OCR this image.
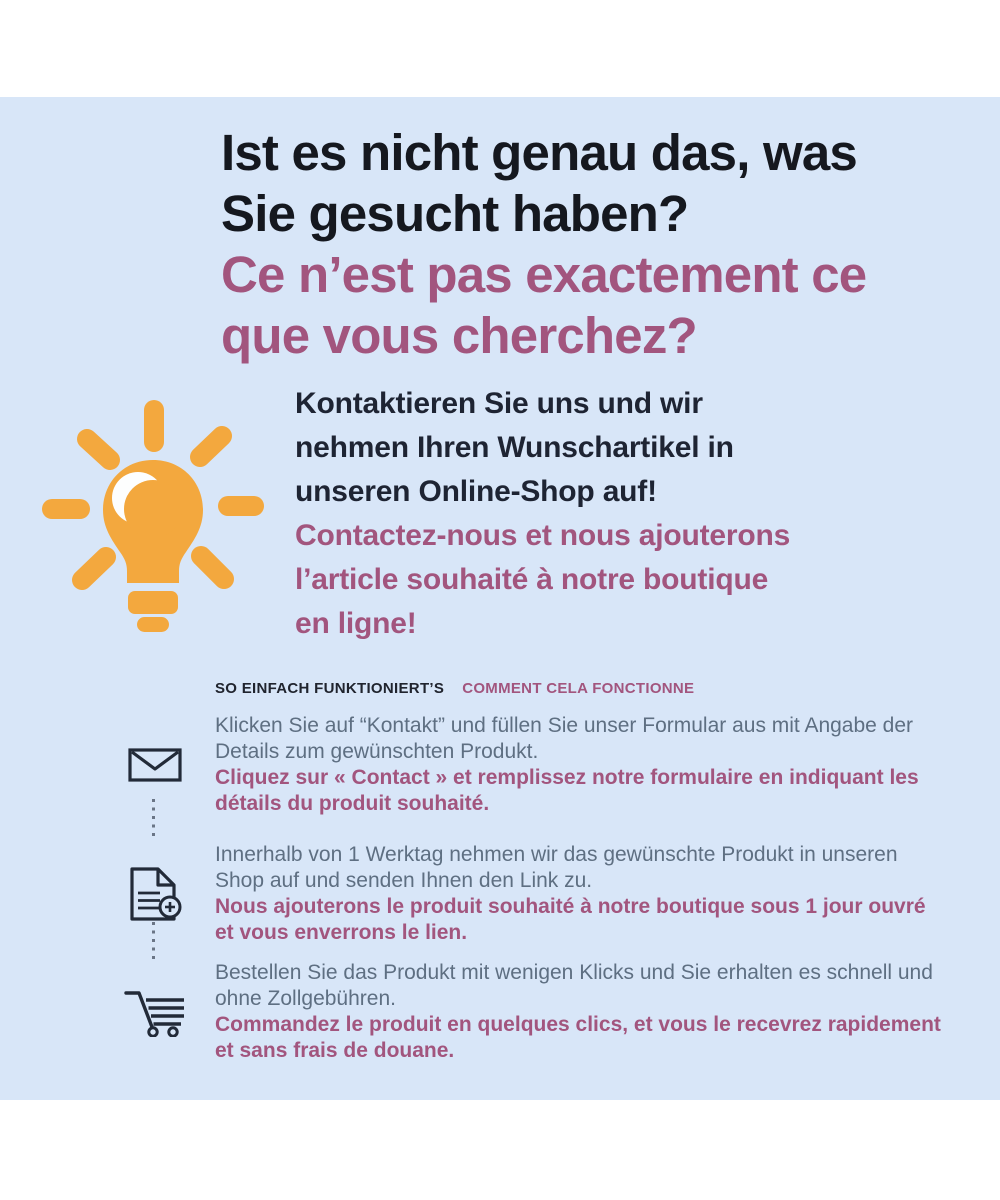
Ist es nicht genau das, was
Sie gesucht haben?
Ce n’est pas exactement ce
que vous cherchez?
Kontaktieren Sie uns und wir
nehmen Ihren Wunschartikel in
unseren Online-Shop auf!
Contactez-nous et nous ajouterons
l’article souhaité à notre boutique
en ligne!
SO EINFACH FUNKTIONIERT’S COMMENT CELA FONCTIONNE

Klicken Sie auf “Kontakt” und füllen Sie unser Formular aus mit Angabe der Details zum gewünschten Produkt.

Cliquez sur « Contact » et remplissez notre formulaire en indiquant les détails du produit souhaité.

Innerhalb von 1 Werktag nehmen wir das gewünschte Produkt in unseren Shop auf und senden Ihnen den Link zu.

Nous ajouterons le produit souhaité à notre boutique sous 1 jour ouvré et vous enverrons le lien.

Bestellen Sie das Produkt mit wenigen Klicks und Sie erhalten es schnell und ohne Zollgebühren.

Commandez le produit en quelques clics, et vous le recevrez rapidement et sans frais de douane.
